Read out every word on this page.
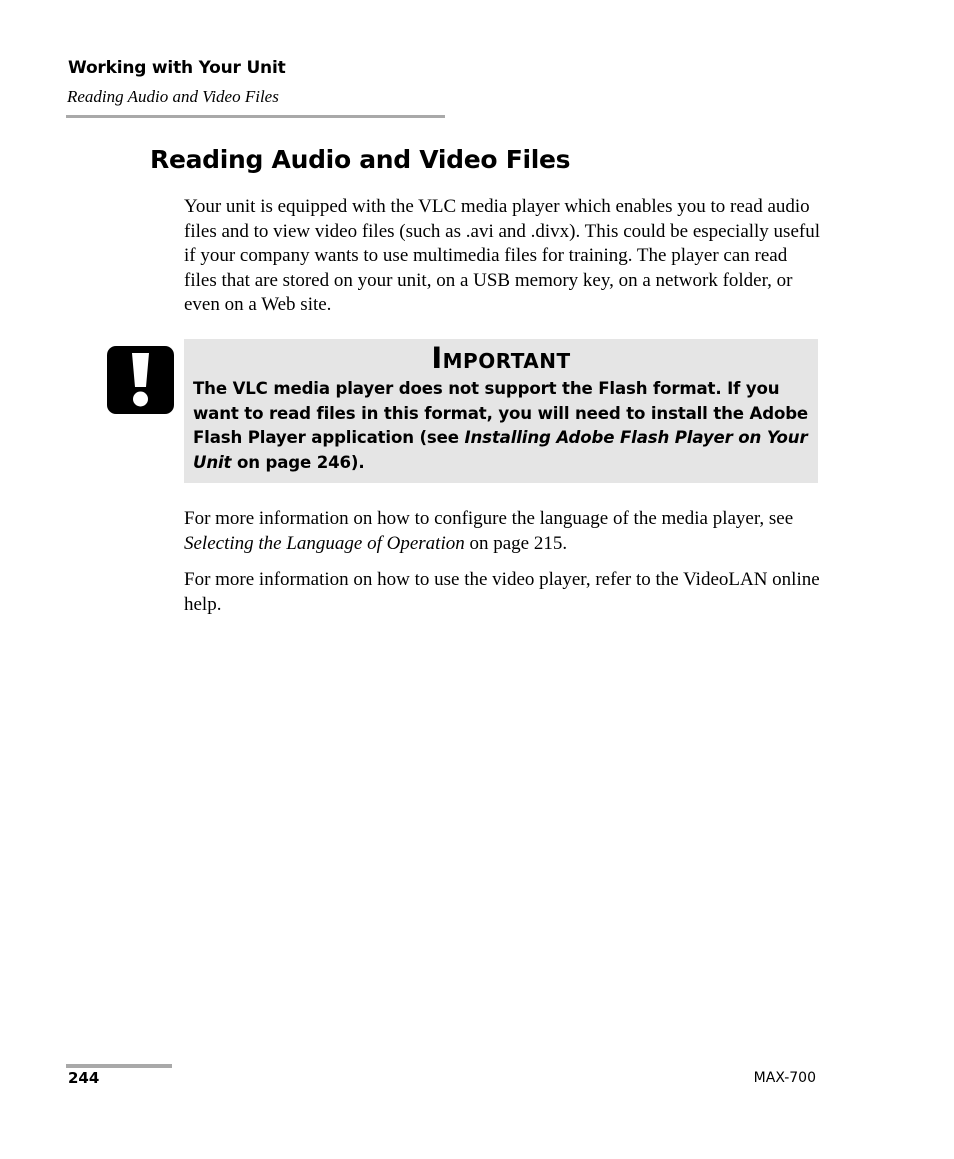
Working with Your Unit
Reading Audio and Video Files
Reading Audio and Video Files

Your unit is equipped with the VLC media player which enables you to read audio files and to view video files (such as .avi and .divx). This could be especially useful if your company wants to use multimedia files for training. The player can read files that are stored on your unit, on a USB memory key, on a network folder, or even on a Web site.

Important

The VLC media player does not support the Flash format. If you want to read files in this format, you will need to install the Adobe Flash Player application (see Installing Adobe Flash Player on Your Unit on page 246).

For more information on how to configure the language of the media player, see Selecting the Language of Operation on page 215.

For more information on how to use the video player, refer to the VideoLAN online help.

244	MAX-700
